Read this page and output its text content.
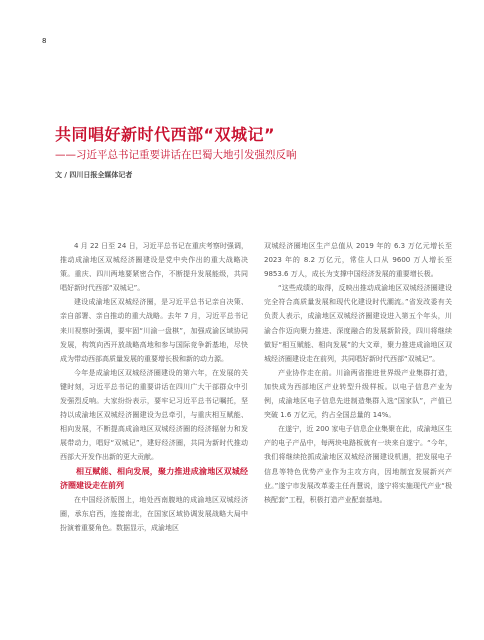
8
共同唱好新时代西部“双城记”
——习近平总书记重要讲话在巴蜀大地引发强烈反响
文 / 四川日报全媒体记者

4 月 22 日至 24 日，习近平总书记在重庆考察时强调，推动成渝地区双城经济圈建设是党中央作出的重大战略决策。重庆、四川两地要紧密合作，不断提升发展能级，共同唱好新时代西部“双城记”。

建设成渝地区双城经济圈，是习近平总书记亲自决策、亲自部署、亲自推动的重大战略。去年 7 月，习近平总书记来川视察时强调，要牢固“川渝一盘棋”，加强成渝区域协同发展，构筑向西开放战略高地和参与国际竞争新基地，尽快成为带动西部高质量发展的重要增长极和新的动力源。

今年是成渝地区双城经济圈建设的第六年，在发展的关键时刻，习近平总书记的重要讲话在四川广大干部群众中引发强烈反响。大家纷纷表示，要牢记习近平总书记嘱托，坚持以成渝地区双城经济圈建设为总牵引，与重庆相互赋能、相向发展，不断提高成渝地区双城经济圈的经济辐射力和发展带动力，唱好“双城记”，建好经济圈，共同为新时代推动西部大开发作出新的更大贡献。

相互赋能、相向发展，聚力推进成渝地区双城经济圈建设走在前列

在中国经济版图上，地处西南腹地的成渝地区双城经济圈，承东启西，连接南北，在国家区域协调发展战略大局中扮演着重要角色。数据显示，成渝地区

双城经济圈地区生产总值从 2019 年的 6.3 万亿元增长至 2023 年的 8.2 万亿元，常住人口从 9600 万人增长至 9853.6 万人，成长为支撑中国经济发展的重要增长极。

“这些成绩的取得，反映出推动成渝地区双城经济圈建设完全符合高质量发展和现代化建设时代潮流。”省发改委有关负责人表示，成渝地区双城经济圈建设进入第五个年头，川渝合作迈向聚力推进、深度融合的发展新阶段，四川将继续做好“相互赋能、相向发展”的大文章，聚力推进成渝地区双城经济圈建设走在前列，共同唱好新时代西部“双城记”。

产业协作走在前。川渝两省推进世界级产业集群打造，加快成为西部地区产业转型升级样板。以电子信息产业为例，成渝地区电子信息先进制造集群入选“国家队”，产值已突破 1.6 万亿元，约占全国总量的 14%。

在遂宁，近 200 家电子信息企业集聚在此，成渝地区生产的电子产品中，每两块电路板就有一块来自遂宁。“今年，我们将继续抢抓成渝地区双城经济圈建设机遇，把发展电子信息等特色优势产业作为主攻方向，因地制宜发展新兴产业。”遂宁市发展改革委主任肖慧说，遂宁将实施现代产业“极核配套”工程，积极打造产业配套基地。
